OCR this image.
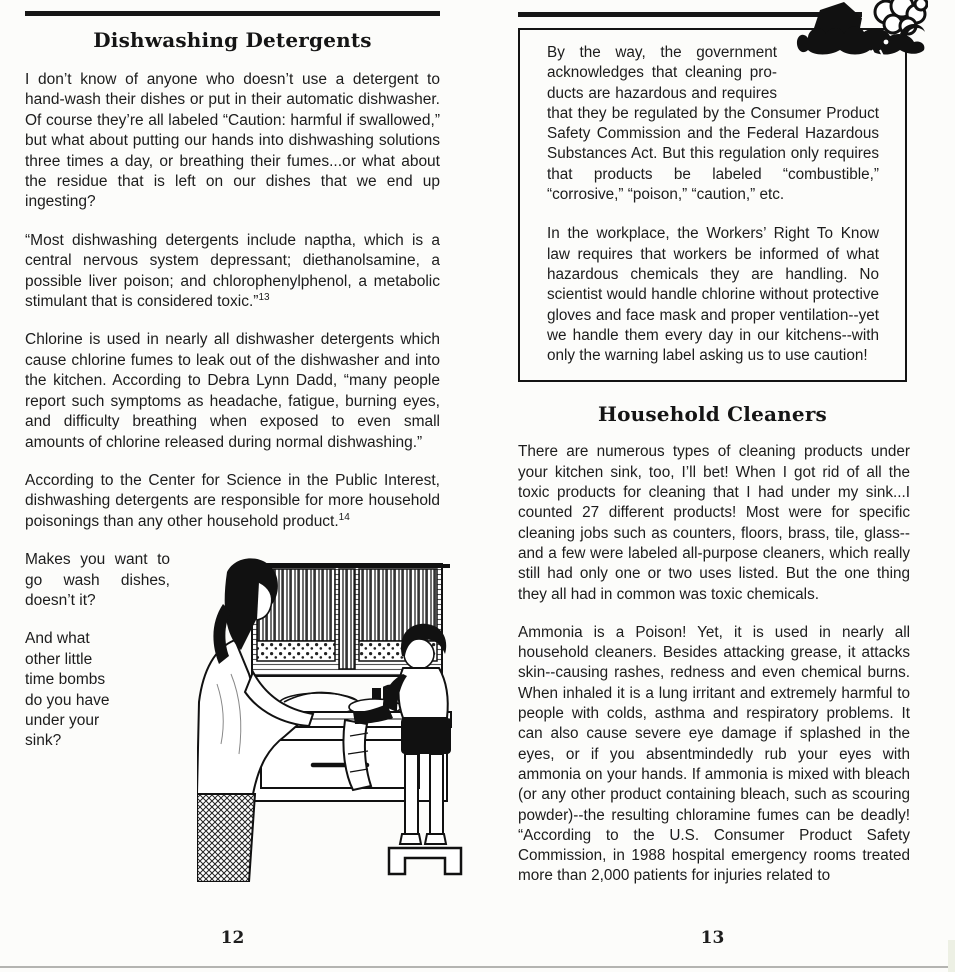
Dishwashing Detergents

I don’t know of anyone who doesn’t use a detergent to hand-wash their dishes or put in their automatic dishwasher. Of course they’re all labeled “Caution: harmful if swallowed,” but what about putting our hands into dishwashing solutions three times a day, or breathing their fumes...or what about the residue that is left on our dishes that we end up ingesting?

“Most dishwashing detergents include naptha, which is a central nervous system depressant; diethanolsamine, a possible liver poison; and chlorophenylphenol, a metabolic stimulant that is considered toxic.”$^{13}$

Chlorine is used in nearly all dishwasher detergents which cause chlorine fumes to leak out of the dishwasher and into the kitchen. According to Debra Lynn Dadd, “many people report such symptoms as headache, fatigue, burning eyes, and difficulty breathing when exposed to even small amounts of chlorine released during normal dishwashing.”

According to the Center for Science in the Public Interest, dishwashing detergents are responsible for more household poisonings than any other household product.$^{14}$

Makes you want to go wash dishes, doesn’t it?

And what other little time bombs do you have under your sink?

By the way, the government acknowledges that cleaning pro-ducts are hazardous and requires that they be regulated by the Consumer Product Safety Commission and the Federal Hazardous Substances Act. But this regulation only requires that products be labeled “combustible,” “corrosive,” “poison,” “caution,” etc.

In the workplace, the Workers’ Right To Know law requires that workers be informed of what hazardous chemicals they are handling. No scientist would handle chlorine without protective gloves and face mask and proper ventilation--yet we handle them every day in our kitchens--with only the warning label asking us to use caution!

Household Cleaners

There are numerous types of cleaning products under your kitchen sink, too, I’ll bet! When I got rid of all the toxic products for cleaning that I had under my sink...I counted 27 different products! Most were for specific cleaning jobs such as counters, floors, brass, tile, glass--and a few were labeled all-purpose cleaners, which really still had only one or two uses listed. But the one thing they all had in common was toxic chemicals.

Ammonia is a Poison! Yet, it is used in nearly all household cleaners. Besides attacking grease, it attacks skin--causing rashes, redness and even chemical burns. When inhaled it is a lung irritant and extremely harmful to people with colds, asthma and respiratory problems. It can also cause severe eye damage if splashed in the eyes, or if you absentmindedly rub your eyes with ammonia on your hands. If ammonia is mixed with bleach (or any other product containing bleach, such as scouring powder)--the resulting chloramine fumes can be deadly! “According to the U.S. Consumer Product Safety Commission, in 1988 hospital emergency rooms treated more than 2,000 patients for injuries related to

12	13
